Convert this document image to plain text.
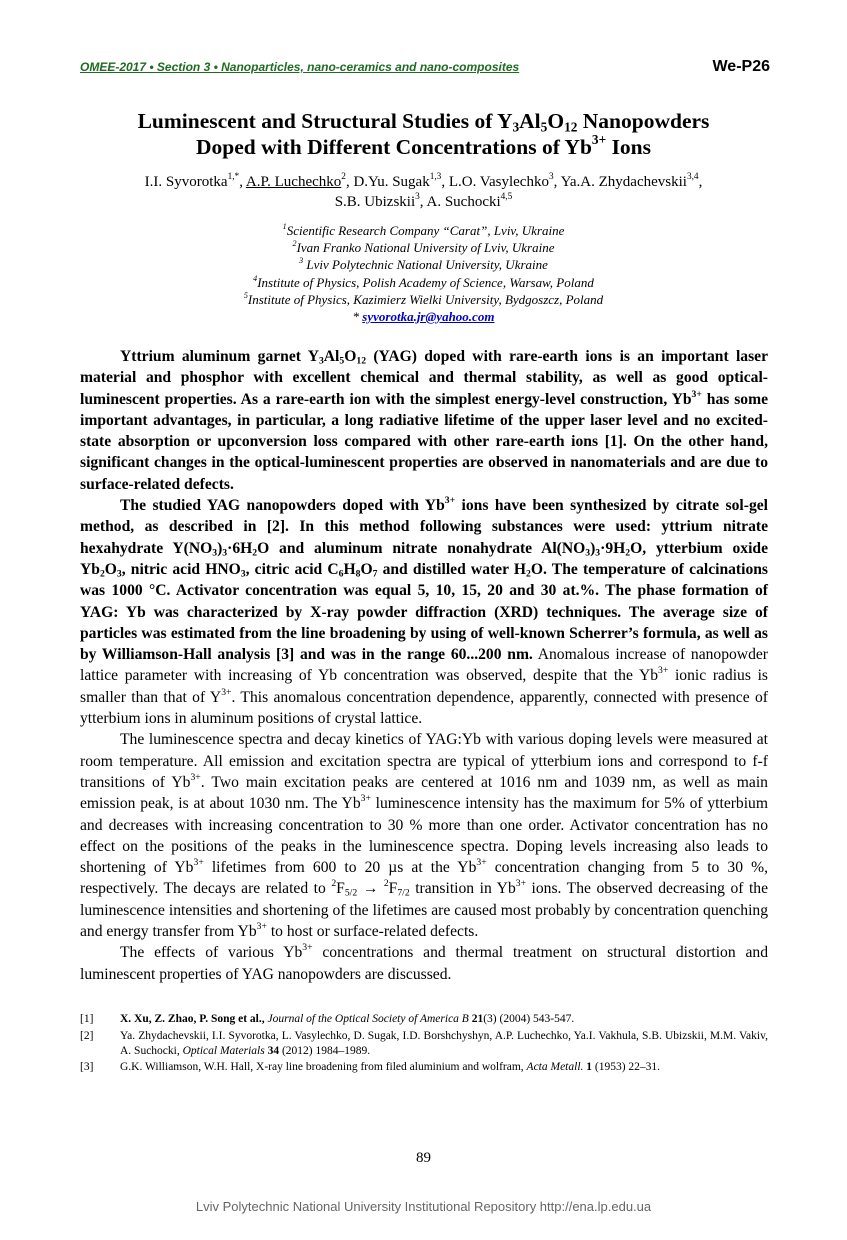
OMEE-2017 • Section 3 • Nanoparticles, nano-ceramics and nano-composites	We-P26
Luminescent and Structural Studies of $Y_3Al_5O_{12}$ Nanopowders
Doped with Different Concentrations of $Yb^{3+}$ Ions
I.I. Syvorotka$^{1,*}$, A.P. Luchechko$^2$, D.Yu. Sugak$^{1,3}$, L.O. Vasylechko$^3$, Ya.A. Zhydachevskii$^{3,4}$,
S.B. Ubizskii$^3$, A. Suchocki$^{4,5}$
$^1$Scientific Research Company “Carat”, Lviv, Ukraine
$^2$Ivan Franko National University of Lviv, Ukraine
$^3$ Lviv Polytechnic National University, Ukraine
$^4$Institute of Physics, Polish Academy of Science, Warsaw, Poland
$^5$Institute of Physics, Kazimierz Wielki University, Bydgoszcz, Poland
* syvorotka.jr@yahoo.com

Yttrium aluminum garnet $Y_3Al_5O_{12}$ (YAG) doped with rare-earth ions is an important laser material and phosphor with excellent chemical and thermal stability, as well as good optical-luminescent properties. As a rare-earth ion with the simplest energy-level construction, $Yb^{3+}$ has some important advantages, in particular, a long radiative lifetime of the upper laser level and no excited-state absorption or upconversion loss compared with other rare-earth ions [1]. On the other hand, significant changes in the optical-luminescent properties are observed in nanomaterials and are due to surface-related defects.

The studied YAG nanopowders doped with $Yb^{3+}$ ions have been synthesized by citrate sol-gel method, as described in [2]. In this method following substances were used: yttrium nitrate hexahydrate $Y(NO_3)_3\cdot 6H_2O$ and aluminum nitrate nonahydrate $Al(NO_3)_3\cdot 9H_2O$, ytterbium oxide $Yb_2O_3$, nitric acid $HNO_3$, citric acid $C_6H_8O_7$ and distilled water $H_2O$. The temperature of calcinations was 1000 °C. Activator concentration was equal 5, 10, 15, 20 and 30 at.%. The phase formation of YAG: Yb was characterized by X-ray powder diffraction (XRD) techniques. The average size of particles was estimated from the line broadening by using of well-known Scherrer’s formula, as well as by Williamson-Hall analysis [3] and was in the range 60...200 nm. Anomalous increase of nanopowder lattice parameter with increasing of Yb concentration was observed, despite that the $Yb^{3+}$ ionic radius is smaller than that of $Y^{3+}$. This anomalous concentration dependence, apparently, connected with presence of ytterbium ions in aluminum positions of crystal lattice.

The luminescence spectra and decay kinetics of YAG:Yb with various doping levels were measured at room temperature. All emission and excitation spectra are typical of ytterbium ions and correspond to f-f transitions of $Yb^{3+}$. Two main excitation peaks are centered at 1016 nm and 1039 nm, as well as main emission peak, is at about 1030 nm. The $Yb^{3+}$ luminescence intensity has the maximum for 5% of ytterbium and decreases with increasing concentration to 30 % more than one order. Activator concentration has no effect on the positions of the peaks in the luminescence spectra. Doping levels increasing also leads to shortening of $Yb^{3+}$ lifetimes from 600 to 20 µs at the $Yb^{3+}$ concentration changing from 5 to 30 %, respectively. The decays are related to $^2F_{5/2} \to ^2F_{7/2}$ transition in $Yb^{3+}$ ions. The observed decreasing of the luminescence intensities and shortening of the lifetimes are caused most probably by concentration quenching and energy transfer from $Yb^{3+}$ to host or surface-related defects.

The effects of various $Yb^{3+}$ concentrations and thermal treatment on structural distortion and luminescent properties of YAG nanopowders are discussed.

[1]	X. Xu, Z. Zhao, P. Song et al., Journal of the Optical Society of America B 21(3) (2004) 543-547.
[2]	Ya. Zhydachevskii, I.I. Syvorotka, L. Vasylechko, D. Sugak, I.D. Borshchyshyn, A.P. Luchechko, Ya.I. Vakhula, S.B. Ubizskii, M.M. Vakiv, A. Suchocki, Optical Materials 34 (2012) 1984–1989.
[3]	G.K. Williamson, W.H. Hall, X-ray line broadening from filed aluminium and wolfram, Acta Metall. 1 (1953) 22–31.
89
Lviv Polytechnic National University Institutional Repository http://ena.lp.edu.ua
